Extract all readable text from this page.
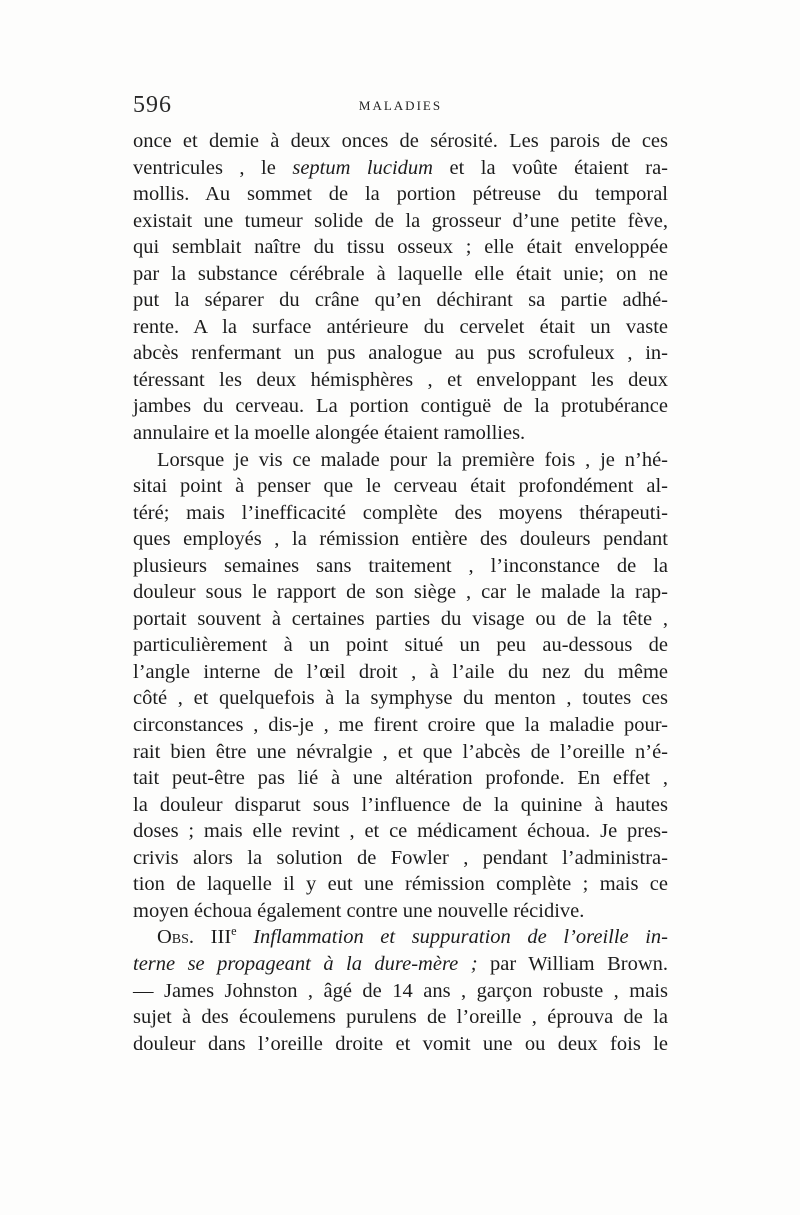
596	MALADIES
once et demie à deux onces de sérosité. Les parois de ces
ventricules , le septum lucidum et la voûte étaient ra-
mollis. Au sommet de la portion pétreuse du temporal
existait une tumeur solide de la grosseur d’une petite fève,
qui semblait naître du tissu osseux ; elle était enveloppée
par la substance cérébrale à laquelle elle était unie; on ne
put la séparer du crâne qu’en déchirant sa partie adhé-
rente. A la surface antérieure du cervelet était un vaste
abcès renfermant un pus analogue au pus scrofuleux , in-
téressant les deux hémisphères , et enveloppant les deux
jambes du cerveau. La portion contiguë de la protubérance
annulaire et la moelle alongée étaient ramollies.
Lorsque je vis ce malade pour la première fois , je n’hé-
sitai point à penser que le cerveau était profondément al-
téré; mais l’inefficacité complète des moyens thérapeuti-
ques employés , la rémission entière des douleurs pendant
plusieurs semaines sans traitement , l’inconstance de la
douleur sous le rapport de son siège , car le malade la rap-
portait souvent à certaines parties du visage ou de la tête ,
particulièrement à un point situé un peu au-dessous de
l’angle interne de l’œil droit , à l’aile du nez du même
côté , et quelquefois à la symphyse du menton , toutes ces
circonstances , dis-je , me firent croire que la maladie pour-
rait bien être une névralgie , et que l’abcès de l’oreille n’é-
tait peut-être pas lié à une altération profonde. En effet ,
la douleur disparut sous l’influence de la quinine à hautes
doses ; mais elle revint , et ce médicament échoua. Je pres-
crivis alors la solution de Fowler , pendant l’administra-
tion de laquelle il y eut une rémission complète ; mais ce
moyen échoua également contre une nouvelle récidive.
Obs. IIIe Inflammation et suppuration de l’oreille in-
terne se propageant à la dure-mère ; par William Brown.
— James Johnston , âgé de 14 ans , garçon robuste , mais
sujet à des écoulemens purulens de l’oreille , éprouva de la
douleur dans l’oreille droite et vomit une ou deux fois le
